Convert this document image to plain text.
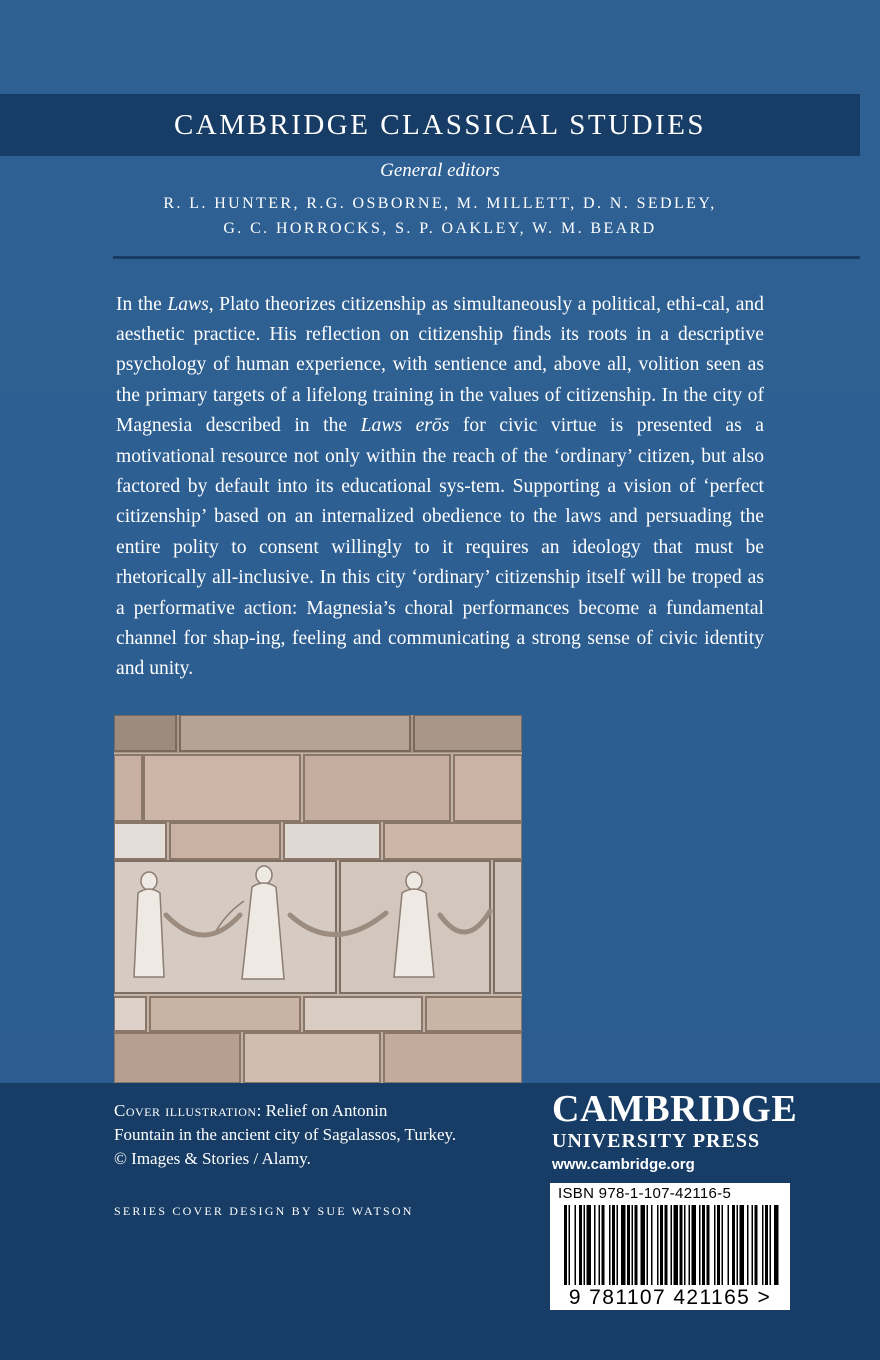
CAMBRIDGE CLASSICAL STUDIES
General editors
R. L. HUNTER, R.G. OSBORNE, M. MILLETT, D. N. SEDLEY,
G. C. HORROCKS, S. P. OAKLEY, W. M. BEARD

In the Laws, Plato theorizes citizenship as simultaneously a political, ethi-cal, and aesthetic practice. His reflection on citizenship finds its roots in a descriptive psychology of human experience, with sentience and, above all, volition seen as the primary targets of a lifelong training in the values of citizenship. In the city of Magnesia described in the Laws erōs for civic virtue is presented as a motivational resource not only within the reach of the ‘ordinary’ citizen, but also factored by default into its educational sys-tem. Supporting a vision of ‘perfect citizenship’ based on an internalized obedience to the laws and persuading the entire polity to consent willingly to it requires an ideology that must be rhetorically all-inclusive. In this city ‘ordinary’ citizenship itself will be troped as a performative action: Magnesia’s choral performances become a fundamental channel for shap-ing, feeling and communicating a strong sense of civic identity and unity.

Cover illustration: Relief on Antonin
Fountain in the ancient city of Sagalassos, Turkey.
© Images & Stories / Alamy.
SERIES COVER DESIGN BY SUE WATSON
CAMBRIDGE
UNIVERSITY PRESS
www.cambridge.org
ISBN 978-1-107-42116-5
9 781107 421165 >
